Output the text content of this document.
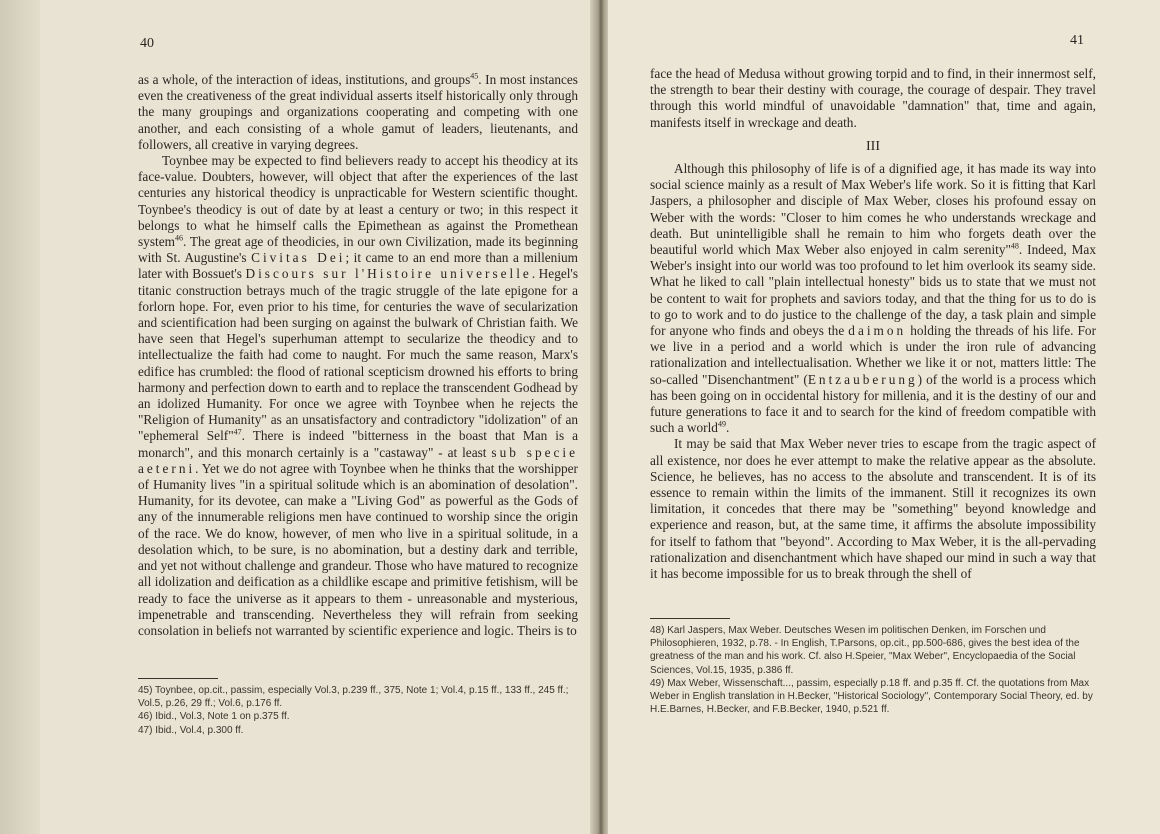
40

as a whole, of the interaction of ideas, institutions, and groups$^{45}$. In most instances even the creativeness of the great individual asserts itself historically only through the many groupings and organizations cooperating and competing with one another, and each consisting of a whole gamut of leaders, lieutenants, and followers, all creative in varying degrees.

Toynbee may be expected to find believers ready to accept his theodicy at its face-value. Doubters, however, will object that after the experiences of the last centuries any historical theodicy is unpracticable for Western scientific thought. Toynbee's theodicy is out of date by at least a century or two; in this respect it belongs to what he himself calls the Epimethean as against the Promethean system$^{46}$. The great age of theodicies, in our own Civilization, made its beginning with St. Augustine's Civitas Dei; it came to an end more than a millenium later with Bossuet's Discours sur l'Histoire universelle. Hegel's titanic construction betrays much of the tragic struggle of the late epigone for a forlorn hope. For, even prior to his time, for centuries the wave of secularization and scientification had been surging on against the bulwark of Christian faith. We have seen that Hegel's superhuman attempt to secularize the theodicy and to intellectualize the faith had come to naught. For much the same reason, Marx's edifice has crumbled: the flood of rational scepticism drowned his efforts to bring harmony and perfection down to earth and to replace the transcendent Godhead by an idolized Humanity. For once we agree with Toynbee when he rejects the "Religion of Humanity" as an unsatisfactory and contradictory "idolization" of an "ephemeral Self"$^{47}$. There is indeed "bitterness in the boast that Man is a monarch", and this monarch certainly is a "castaway" - at least sub specie aeterni. Yet we do not agree with Toynbee when he thinks that the worshipper of Humanity lives "in a spiritual solitude which is an abomination of desolation". Humanity, for its devotee, can make a "Living God" as powerful as the Gods of any of the innumerable religions men have continued to worship since the origin of the race. We do know, however, of men who live in a spiritual solitude, in a desolation which, to be sure, is no abomination, but a destiny dark and terrible, and yet not without challenge and grandeur. Those who have matured to recognize all idolization and deification as a childlike escape and primitive fetishism, will be ready to face the universe as it appears to them - unreasonable and mysterious, impenetrable and transcending. Nevertheless they will refrain from seeking consolation in beliefs not warranted by scientific experience and logic. Theirs is to

45) Toynbee, op.cit., passim, especially Vol.3, p.239 ff., 375, Note 1; Vol.4, p.15 ff., 133 ff., 245 ff.; Vol.5, p.26, 29 ff.; Vol.6, p.176 ff.
46) Ibid., Vol.3, Note 1 on p.375 ff.
47) Ibid., Vol.4, p.300 ff.
41

face the head of Medusa without growing torpid and to find, in their innermost self, the strength to bear their destiny with courage, the courage of despair. They travel through this world mindful of unavoidable "damnation" that, time and again, manifests itself in wreckage and death.

III

Although this philosophy of life is of a dignified age, it has made its way into social science mainly as a result of Max Weber's life work. So it is fitting that Karl Jaspers, a philosopher and disciple of Max Weber, closes his profound essay on Weber with the words: "Closer to him comes he who understands wreckage and death. But unintelligible shall he remain to him who forgets death over the beautiful world which Max Weber also enjoyed in calm serenity"$^{48}$. Indeed, Max Weber's insight into our world was too profound to let him overlook its seamy side. What he liked to call "plain intellectual honesty" bids us to state that we must not be content to wait for prophets and saviors today, and that the thing for us to do is to go to work and to do justice to the challenge of the day, a task plain and simple for anyone who finds and obeys the daimon holding the threads of his life. For we live in a period and a world which is under the iron rule of advancing rationalization and intellectualisation. Whether we like it or not, matters little: The so-called "Disenchantment" (Entzauberung) of the world is a process which has been going on in occidental history for millenia, and it is the destiny of our and future generations to face it and to search for the kind of freedom compatible with such a world$^{49}$.

It may be said that Max Weber never tries to escape from the tragic aspect of all existence, nor does he ever attempt to make the relative appear as the absolute. Science, he believes, has no access to the absolute and transcendent. It is of its essence to remain within the limits of the immanent. Still it recognizes its own limitation, it concedes that there may be "something" beyond knowledge and experience and reason, but, at the same time, it affirms the absolute impossibility for itself to fathom that "beyond". According to Max Weber, it is the all-pervading rationalization and disenchantment which have shaped our mind in such a way that it has become impossible for us to break through the shell of

48) Karl Jaspers, Max Weber. Deutsches Wesen im politischen Denken, im Forschen und Philosophieren, 1932, p.78. - In English, T.Parsons, op.cit., pp.500-686, gives the best idea of the greatness of the man and his work. Cf. also H.Speier, "Max Weber", Encyclopaedia of the Social Sciences, Vol.15, 1935, p.386 ff.
49) Max Weber, Wissenschaft..., passim, especially p.18 ff. and p.35 ff. Cf. the quotations from Max Weber in English translation in H.Becker, "Historical Sociology", Contemporary Social Theory, ed. by H.E.Barnes, H.Becker, and F.B.Becker, 1940, p.521 ff.
